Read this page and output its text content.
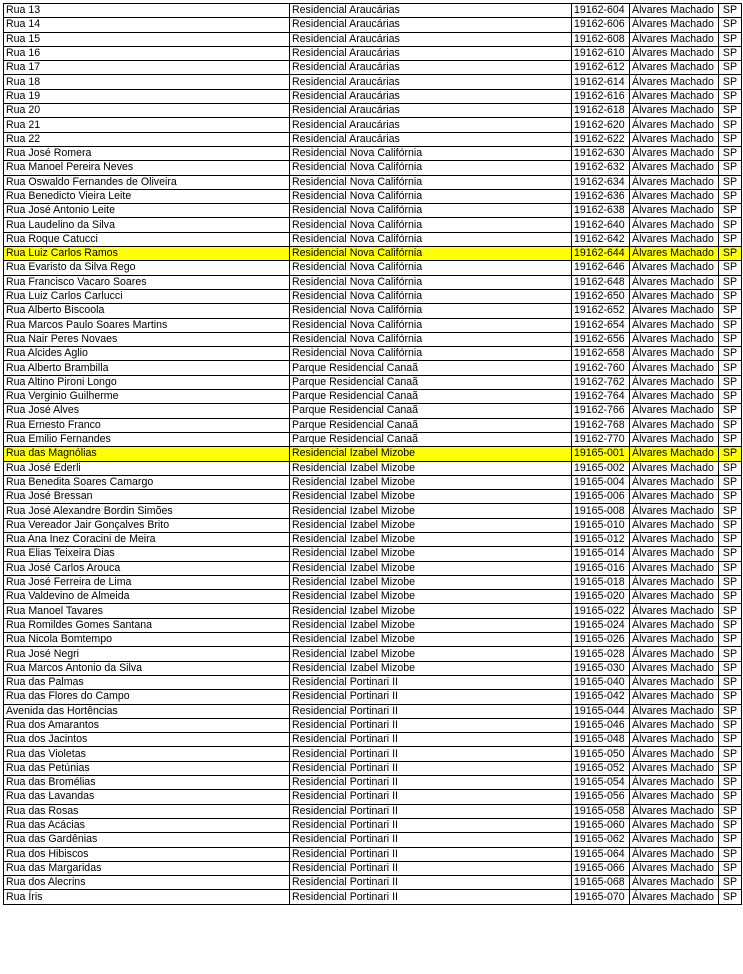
Rua 13	Residencial Araucárias	19162-604	Álvares Machado	SP
Rua 14	Residencial Araucárias	19162-606	Álvares Machado	SP
Rua 15	Residencial Araucárias	19162-608	Álvares Machado	SP
Rua 16	Residencial Araucárias	19162-610	Álvares Machado	SP
Rua 17	Residencial Araucárias	19162-612	Álvares Machado	SP
Rua 18	Residencial Araucárias	19162-614	Álvares Machado	SP
Rua 19	Residencial Araucárias	19162-616	Álvares Machado	SP
Rua 20	Residencial Araucárias	19162-618	Álvares Machado	SP
Rua 21	Residencial Araucárias	19162-620	Álvares Machado	SP
Rua 22	Residencial Araucárias	19162-622	Álvares Machado	SP
Rua José Romera	Residencial Nova Califórnia	19162-630	Álvares Machado	SP
Rua Manoel Pereira Neves	Residencial Nova Califórnia	19162-632	Álvares Machado	SP
Rua Oswaldo Fernandes de Oliveira	Residencial Nova Califórnia	19162-634	Álvares Machado	SP
Rua Benedicto Vieira Leite	Residencial Nova Califórnia	19162-636	Álvares Machado	SP
Rua José Antonio Leite	Residencial Nova Califórnia	19162-638	Álvares Machado	SP
Rua Laudelino da Silva	Residencial Nova Califórnia	19162-640	Álvares Machado	SP
Rua Roque Catucci	Residencial Nova Califórnia	19162-642	Álvares Machado	SP
Rua Luiz Carlos Ramos	Residencial Nova Califórnia	19162-644	Álvares Machado	SP
Rua Evaristo da Silva Rego	Residencial Nova Califórnia	19162-646	Álvares Machado	SP
Rua Francisco Vacaro Soares	Residencial Nova Califórnia	19162-648	Álvares Machado	SP
Rua Luiz Carlos Carlucci	Residencial Nova Califórnia	19162-650	Álvares Machado	SP
Rua Alberto Biscoola	Residencial Nova Califórnia	19162-652	Álvares Machado	SP
Rua Marcos Paulo Soares Martins	Residencial Nova Califórnia	19162-654	Álvares Machado	SP
Rua Nair Peres Novaes	Residencial Nova Califórnia	19162-656	Álvares Machado	SP
Rua Alcides Aglio	Residencial Nova Califórnia	19162-658	Álvares Machado	SP
Rua Alberto Brambilla	Parque Residencial Canaã	19162-760	Álvares Machado	SP
Rua Altino Pironi Longo	Parque Residencial Canaã	19162-762	Álvares Machado	SP
Rua Verginio Guilherme	Parque Residencial Canaã	19162-764	Álvares Machado	SP
Rua José Alves	Parque Residencial Canaã	19162-766	Álvares Machado	SP
Rua Ernesto Franco	Parque Residencial Canaã	19162-768	Álvares Machado	SP
Rua Emilio Fernandes	Parque Residencial Canaã	19162-770	Álvares Machado	SP
Rua das Magnólias	Residencial Izabel Mizobe	19165-001	Álvares Machado	SP
Rua José Ederli	Residencial Izabel Mizobe	19165-002	Álvares Machado	SP
Rua Benedita Soares Camargo	Residencial Izabel Mizobe	19165-004	Álvares Machado	SP
Rua José Bressan	Residencial Izabel Mizobe	19165-006	Álvares Machado	SP
Rua José Alexandre Bordin Simões	Residencial Izabel Mizobe	19165-008	Álvares Machado	SP
Rua Vereador Jair Gonçalves Brito	Residencial Izabel Mizobe	19165-010	Álvares Machado	SP
Rua Ana Inez Coracini de Meira	Residencial Izabel Mizobe	19165-012	Álvares Machado	SP
Rua Elias Teixeira Dias	Residencial Izabel Mizobe	19165-014	Álvares Machado	SP
Rua José Carlos Arouca	Residencial Izabel Mizobe	19165-016	Álvares Machado	SP
Rua José Ferreira de Lima	Residencial Izabel Mizobe	19165-018	Álvares Machado	SP
Rua Valdevino de Almeida	Residencial Izabel Mizobe	19165-020	Álvares Machado	SP
Rua Manoel Tavares	Residencial Izabel Mizobe	19165-022	Álvares Machado	SP
Rua Romildes Gomes Santana	Residencial Izabel Mizobe	19165-024	Álvares Machado	SP
Rua Nicola Bomtempo	Residencial Izabel Mizobe	19165-026	Álvares Machado	SP
Rua José Negri	Residencial Izabel Mizobe	19165-028	Álvares Machado	SP
Rua Marcos Antonio da Silva	Residencial Izabel Mizobe	19165-030	Álvares Machado	SP
Rua das Palmas	Residencial Portinari II	19165-040	Álvares Machado	SP
Rua das Flores do Campo	Residencial Portinari II	19165-042	Álvares Machado	SP
Avenida das Hortências	Residencial Portinari II	19165-044	Álvares Machado	SP
Rua dos Amarantos	Residencial Portinari II	19165-046	Álvares Machado	SP
Rua dos Jacintos	Residencial Portinari II	19165-048	Álvares Machado	SP
Rua das Violetas	Residencial Portinari II	19165-050	Álvares Machado	SP
Rua das Petúnias	Residencial Portinari II	19165-052	Álvares Machado	SP
Rua das Bromélias	Residencial Portinari II	19165-054	Álvares Machado	SP
Rua das Lavandas	Residencial Portinari II	19165-056	Álvares Machado	SP
Rua das Rosas	Residencial Portinari II	19165-058	Álvares Machado	SP
Rua das Acácias	Residencial Portinari II	19165-060	Álvares Machado	SP
Rua das Gardênias	Residencial Portinari II	19165-062	Álvares Machado	SP
Rua dos Hibiscos	Residencial Portinari II	19165-064	Álvares Machado	SP
Rua das Margaridas	Residencial Portinari II	19165-066	Álvares Machado	SP
Rua dos Alecrins	Residencial Portinari II	19165-068	Álvares Machado	SP
Rua Íris	Residencial Portinari II	19165-070	Álvares Machado	SP
